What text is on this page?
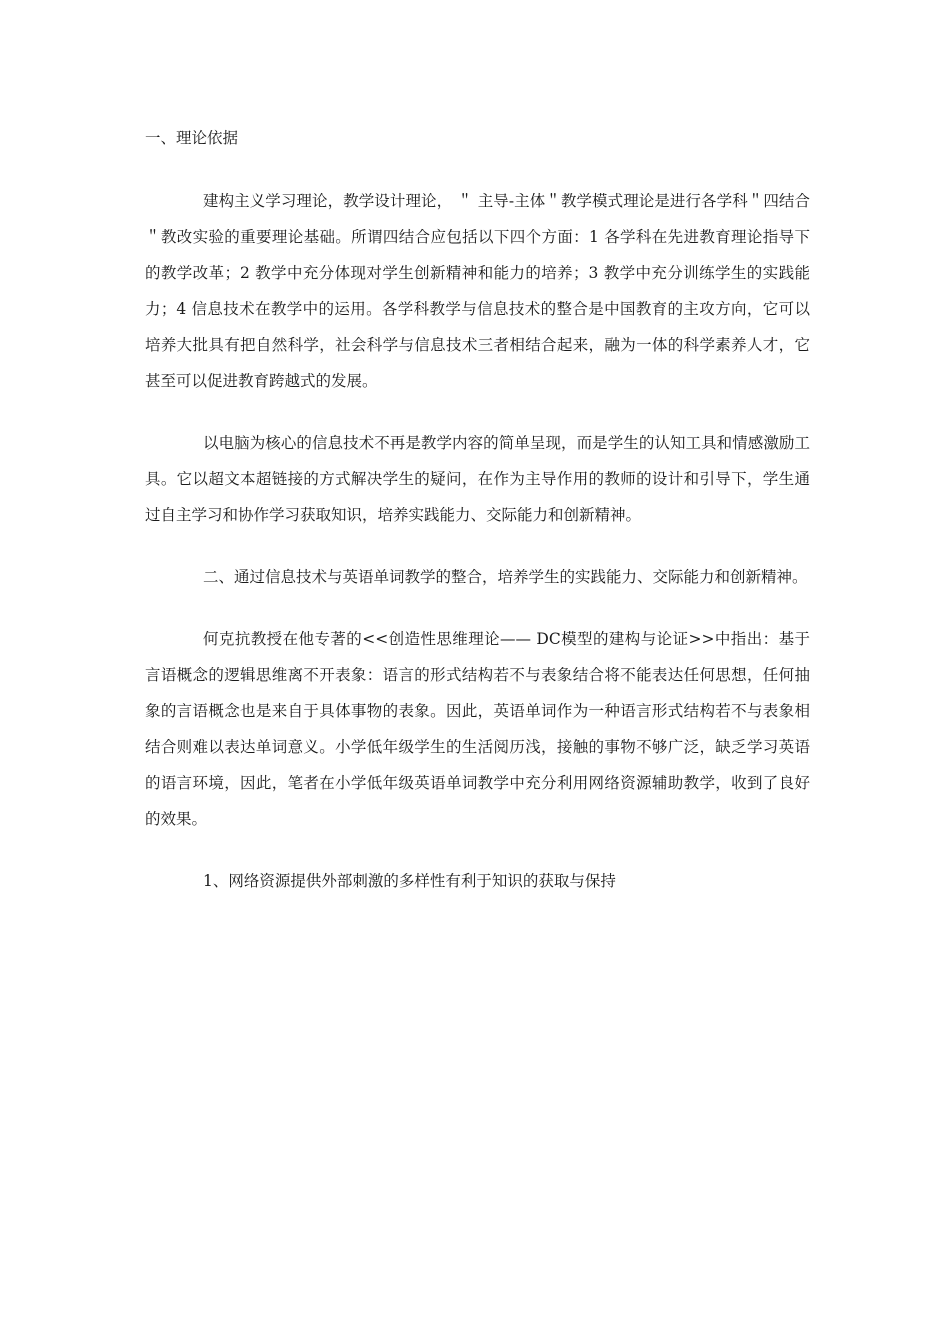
一、理论依据

建构主义学习理论，教学设计理论， ＂ 主导-主体＂教学模式理论是进行各学科＂四结合＂教改实验的重要理论基础。所谓四结合应包括以下四个方面：1 各学科在先进教育理论指导下的教学改革；2 教学中充分体现对学生创新精神和能力的培养；3 教学中充分训练学生的实践能力；4 信息技术在教学中的运用。各学科教学与信息技术的整合是中国教育的主攻方向，它可以培养大批具有把自然科学，社会科学与信息技术三者相结合起来，融为一体的科学素养人才，它甚至可以促进教育跨越式的发展。

以电脑为核心的信息技术不再是教学内容的简单呈现，而是学生的认知工具和情感激励工具。它以超文本超链接的方式解决学生的疑问，在作为主导作用的教师的设计和引导下，学生通过自主学习和协作学习获取知识，培养实践能力、交际能力和创新精神。

二、通过信息技术与英语单词教学的整合，培养学生的实践能力、交际能力和创新精神。

何克抗教授在他专著的<<创造性思维理论—— DC模型的建构与论证>>中指出：基于言语概念的逻辑思维离不开表象：语言的形式结构若不与表象结合将不能表达任何思想，任何抽象的言语概念也是来自于具体事物的表象。因此，英语单词作为一种语言形式结构若不与表象相结合则难以表达单词意义。小学低年级学生的生活阅历浅，接触的事物不够广泛，缺乏学习英语的语言环境，因此，笔者在小学低年级英语单词教学中充分利用网络资源辅助教学，收到了良好的效果。

1、网络资源提供外部刺激的多样性有利于知识的获取与保持
